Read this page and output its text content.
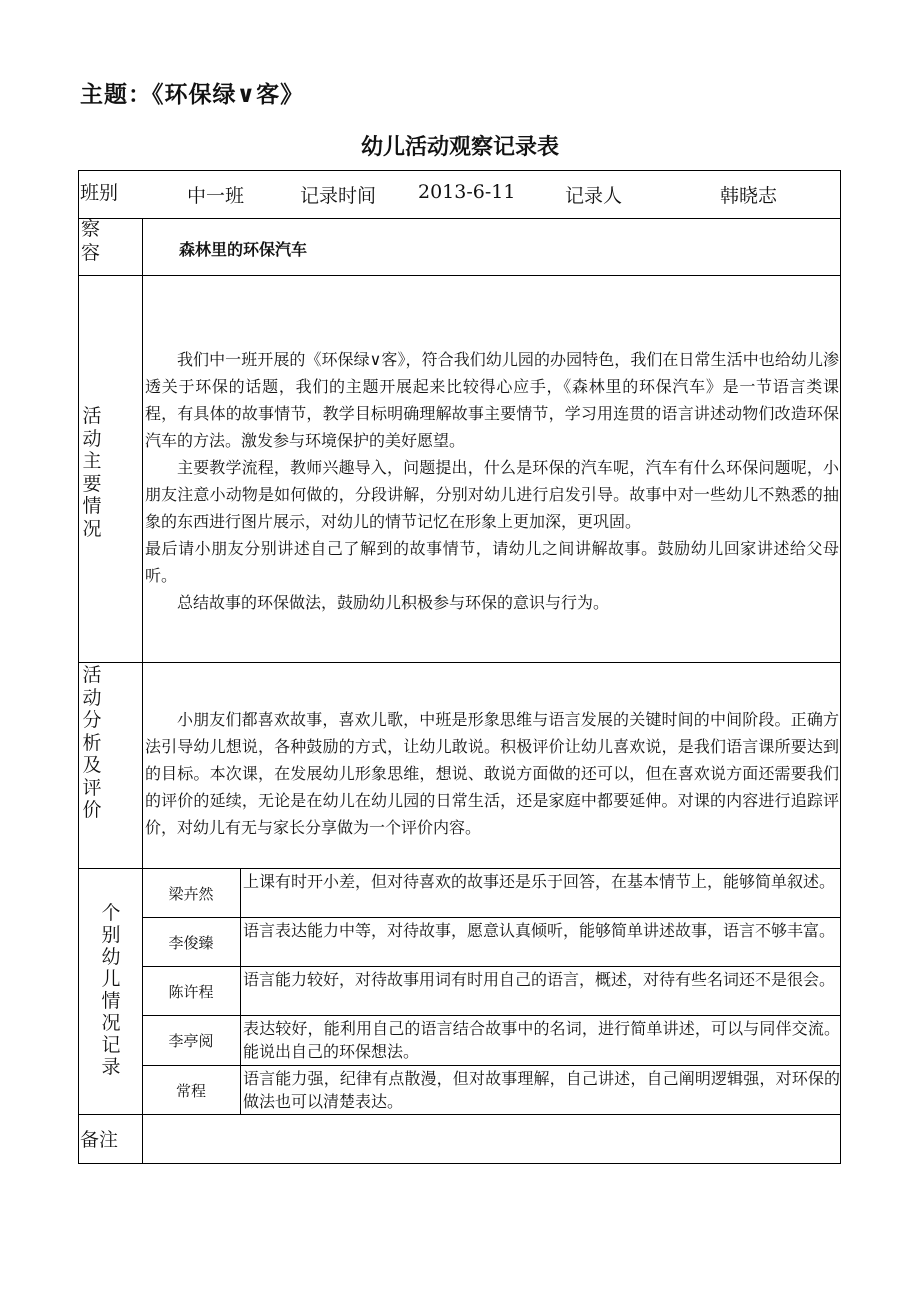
主题：《环保绿∨客》
幼儿活动观察记录表
班别	中一班	记录时间 2013-6-11	记录人	韩晓志
察
容	森林里的环保汽车
活
动
主
要
情
况

我们中一班开展的《环保绿∨客》，符合我们幼儿园的办园特色，我们在日常生活中也给幼儿渗透关于环保的话题，我们的主题开展起来比较得心应手，《森林里的环保汽车》是一节语言类课程，有具体的故事情节，教学目标明确理解故事主要情节，学习用连贯的语言讲述动物们改造环保汽车的方法。激发参与环境保护的美好愿望。

主要教学流程，教师兴趣导入，问题提出，什么是环保的汽车呢，汽车有什么环保问题呢，小朋友注意小动物是如何做的，分段讲解，分别对幼儿进行启发引导。故事中对一些幼儿不熟悉的抽象的东西进行图片展示，对幼儿的情节记忆在形象上更加深，更巩固。

最后请小朋友分别讲述自己了解到的故事情节，请幼儿之间讲解故事。鼓励幼儿回家讲述给父母听。

总结故事的环保做法，鼓励幼儿积极参与环保的意识与行为。

活
动
分
析
及
评
价

小朋友们都喜欢故事，喜欢儿歌，中班是形象思维与语言发展的关键时间的中间阶段。正确方法引导幼儿想说，各种鼓励的方式，让幼儿敢说。积极评价让幼儿喜欢说，是我们语言课所要达到的目标。本次课，在发展幼儿形象思维，想说、敢说方面做的还可以，但在喜欢说方面还需要我们的评价的延续，无论是在幼儿在幼儿园的日常生活，还是家庭中都要延伸。对课的内容进行追踪评价，对幼儿有无与家长分享做为一个评价内容。

个
别
幼
儿
情
况
记
录
梁卉然
上课有时开小差，但对待喜欢的故事还是乐于回答，在基本情节上，能够简单叙述。
李俊臻
语言表达能力中等，对待故事，愿意认真倾听，能够简单讲述故事，语言不够丰富。
陈许程
语言能力较好，对待故事用词有时用自己的语言，概述，对待有些名词还不是很会。
李亭阅
表达较好，能利用自己的语言结合故事中的名词，进行简单讲述，可以与同伴交流。能说出自己的环保想法。
常程
语言能力强，纪律有点散漫，但对故事理解，自己讲述，自己阐明逻辑强，对环保的做法也可以清楚表达。
备注
